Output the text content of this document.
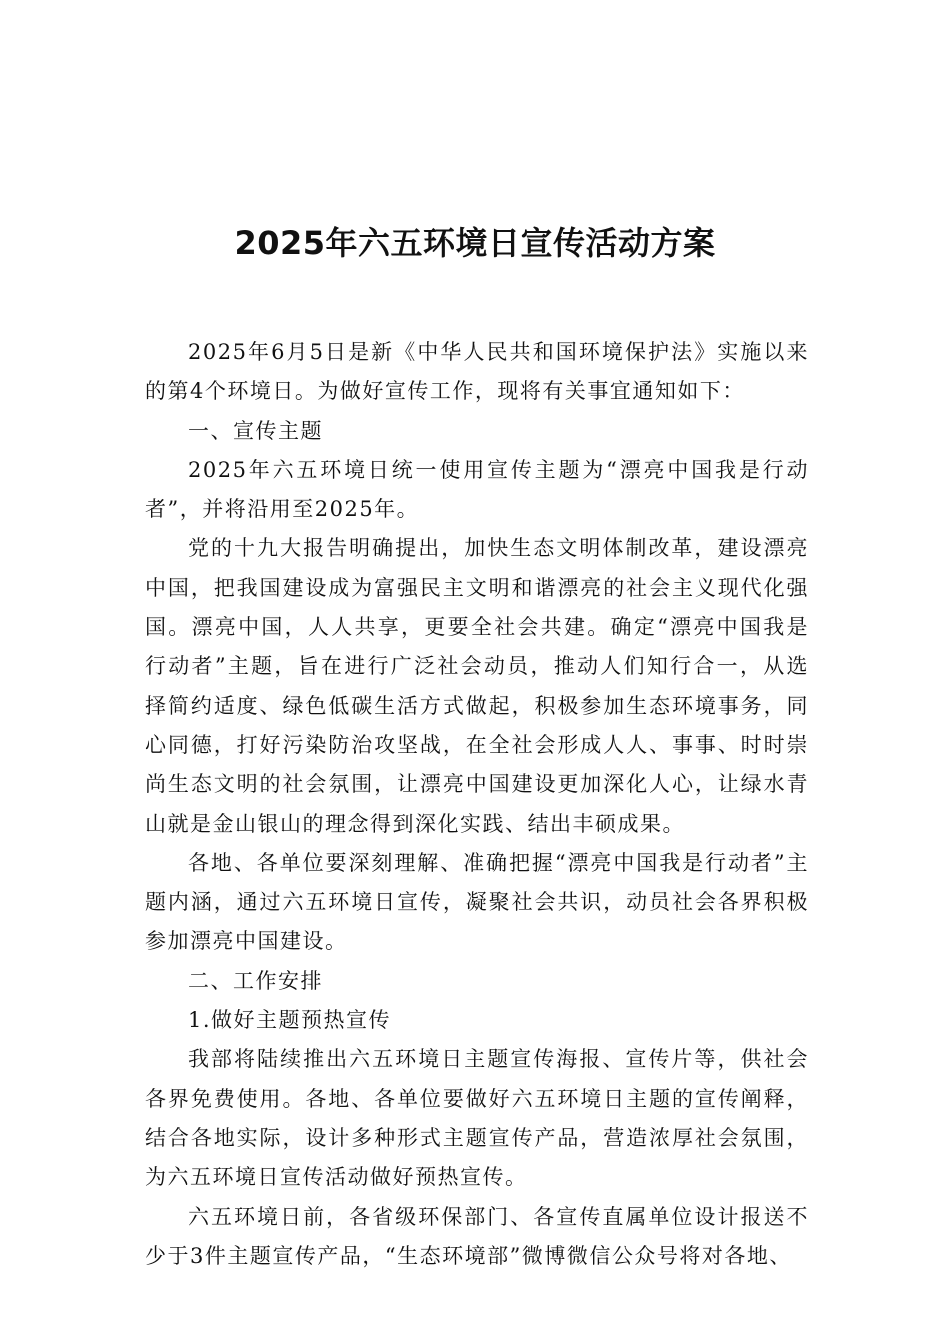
2025年六五环境日宣传活动方案

2025年6月5日是新《中华人民共和国环境保护法》实施以来的第4个环境日。为做好宣传工作，现将有关事宜通知如下：

一、宣传主题

2025年六五环境日统一使用宣传主题为“漂亮中国我是行动者”，并将沿用至2025年。

党的十九大报告明确提出，加快生态文明体制改革，建设漂亮中国，把我国建设成为富强民主文明和谐漂亮的社会主义现代化强国。漂亮中国，人人共享，更要全社会共建。确定“漂亮中国我是行动者”主题，旨在进行广泛社会动员，推动人们知行合一，从选择简约适度、绿色低碳生活方式做起，积极参加生态环境事务，同心同德，打好污染防治攻坚战，在全社会形成人人、事事、时时崇尚生态文明的社会氛围，让漂亮中国建设更加深化人心，让绿水青山就是金山银山的理念得到深化实践、结出丰硕成果。

各地、各单位要深刻理解、准确把握“漂亮中国我是行动者”主题内涵，通过六五环境日宣传，凝聚社会共识，动员社会各界积极参加漂亮中国建设。

二、工作安排

1.做好主题预热宣传

我部将陆续推出六五环境日主题宣传海报、宣传片等，供社会各界免费使用。各地、各单位要做好六五环境日主题的宣传阐释，结合各地实际，设计多种形式主题宣传产品，营造浓厚社会氛围，为六五环境日宣传活动做好预热宣传。

六五环境日前，各省级环保部门、各宣传直属单位设计报送不少于3件主题宣传产品，“生态环境部”微博微信公众号将对各地、
